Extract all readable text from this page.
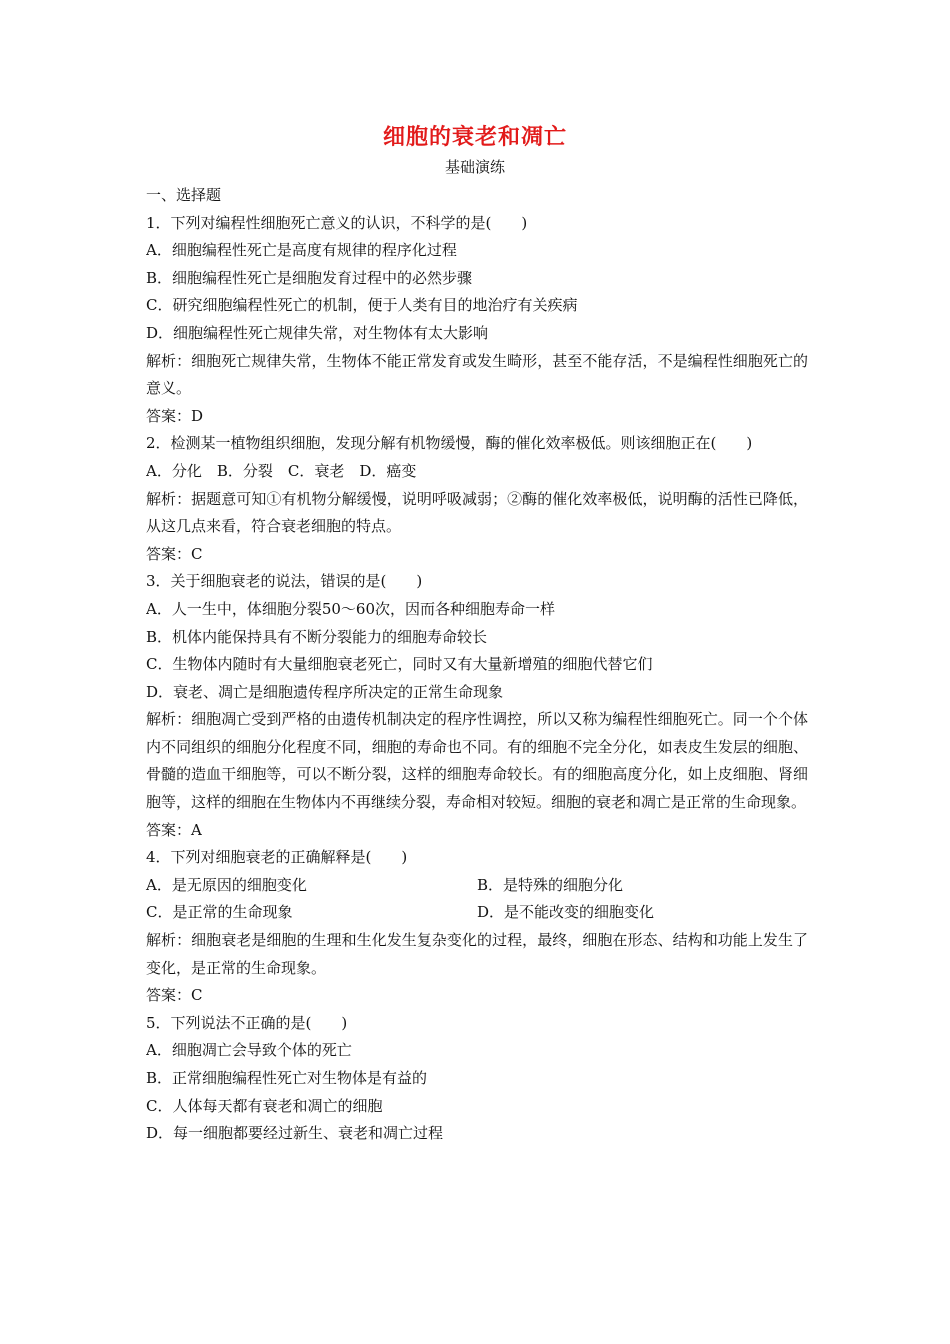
细胞的衰老和凋亡
基础演练
一、选择题
1．下列对编程性细胞死亡意义的认识，不科学的是(　　)
A．细胞编程性死亡是高度有规律的程序化过程
B．细胞编程性死亡是细胞发育过程中的必然步骤
C．研究细胞编程性死亡的机制，便于人类有目的地治疗有关疾病
D．细胞编程性死亡规律失常，对生物体有太大影响
解析：细胞死亡规律失常，生物体不能正常发育或发生畸形，甚至不能存活，不是编程性细胞死亡的意义。
答案：D
2．检测某一植物组织细胞，发现分解有机物缓慢，酶的催化效率极低。则该细胞正在(　　)
A．分化　B．分裂　C．衰老　D．癌变
解析：据题意可知①有机物分解缓慢，说明呼吸减弱；②酶的催化效率极低，说明酶的活性已降低，从这几点来看，符合衰老细胞的特点。
答案：C
3．关于细胞衰老的说法，错误的是(　　)
A．人一生中，体细胞分裂50～60次，因而各种细胞寿命一样
B．机体内能保持具有不断分裂能力的细胞寿命较长
C．生物体内随时有大量细胞衰老死亡，同时又有大量新增殖的细胞代替它们
D．衰老、凋亡是细胞遗传程序所决定的正常生命现象
解析：细胞凋亡受到严格的由遗传机制决定的程序性调控，所以又称为编程性细胞死亡。同一个个体内不同组织的细胞分化程度不同，细胞的寿命也不同。有的细胞不完全分化，如表皮生发层的细胞、骨髓的造血干细胞等，可以不断分裂，这样的细胞寿命较长。有的细胞高度分化，如上皮细胞、肾细胞等，这样的细胞在生物体内不再继续分裂，寿命相对较短。细胞的衰老和凋亡是正常的生命现象。
答案：A
4．下列对细胞衰老的正确解释是(　　)
A．是无原因的细胞变化	B．是特殊的细胞分化
C．是正常的生命现象	D．是不能改变的细胞变化
解析：细胞衰老是细胞的生理和生化发生复杂变化的过程，最终，细胞在形态、结构和功能上发生了变化，是正常的生命现象。
答案：C
5．下列说法不正确的是(　　)
A．细胞凋亡会导致个体的死亡
B．正常细胞编程性死亡对生物体是有益的
C．人体每天都有衰老和凋亡的细胞
D．每一细胞都要经过新生、衰老和凋亡过程
